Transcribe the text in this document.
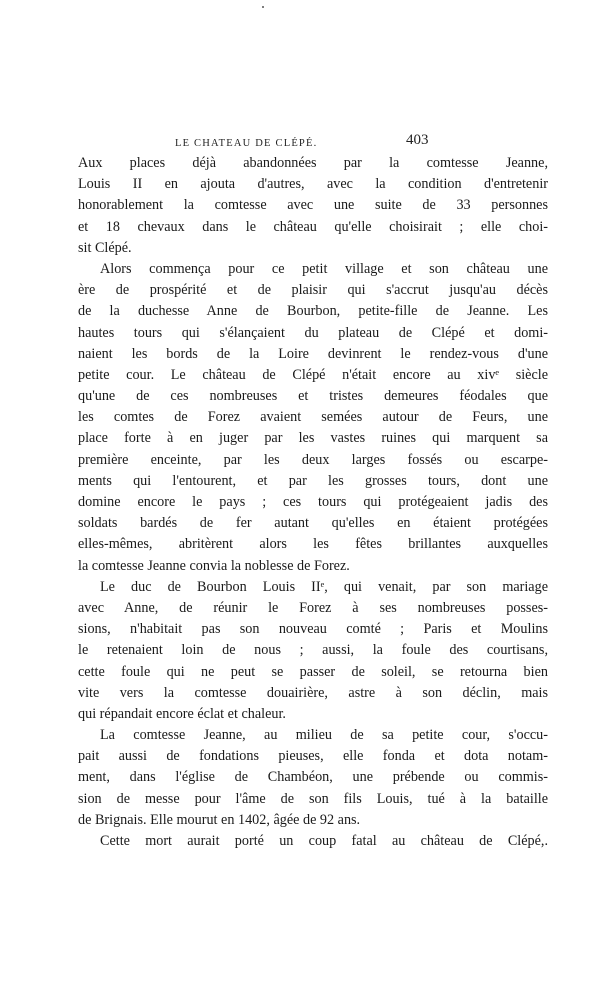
LE CHATEAU DE CLÉPÉ.	403
Aux places déjà abandonnées par la comtesse Jeanne,
Louis II en ajouta d'autres, avec la condition d'entretenir
honorablement la comtesse avec une suite de 33 personnes
et 18 chevaux dans le château qu'elle choisirait ; elle choi-
sit Clépé.
Alors commença pour ce petit village et son château une
ère de prospérité et de plaisir qui s'accrut jusqu'au décès
de la duchesse Anne de Bourbon, petite-fille de Jeanne. Les
hautes tours qui s'élançaient du plateau de Clépé et domi-
naient les bords de la Loire devinrent le rendez-vous d'une
petite cour. Le château de Clépé n'était encore au xivᵉ siècle
qu'une de ces nombreuses et tristes demeures féodales que
les comtes de Forez avaient semées autour de Feurs, une
place forte à en juger par les vastes ruines qui marquent sa
première enceinte, par les deux larges fossés ou escarpe-
ments qui l'entourent, et par les grosses tours, dont une
domine encore le pays ; ces tours qui protégeaient jadis des
soldats bardés de fer autant qu'elles en étaient protégées
elles-mêmes, abritèrent alors les fêtes brillantes auxquelles
la comtesse Jeanne convia la noblesse de Forez.
Le duc de Bourbon Louis IIᵉ, qui venait, par son mariage
avec Anne, de réunir le Forez à ses nombreuses posses-
sions, n'habitait pas son nouveau comté ; Paris et Moulins
le retenaient loin de nous ; aussi, la foule des courtisans,
cette foule qui ne peut se passer de soleil, se retourna bien
vite vers la comtesse douairière, astre à son déclin, mais
qui répandait encore éclat et chaleur.
La comtesse Jeanne, au milieu de sa petite cour, s'occu-
pait aussi de fondations pieuses, elle fonda et dota notam-
ment, dans l'église de Chambéon, une prébende ou commis-
sion de messe pour l'âme de son fils Louis, tué à la bataille
de Brignais. Elle mourut en 1402, âgée de 92 ans.
Cette mort aurait porté un coup fatal au château de Clépé,.
